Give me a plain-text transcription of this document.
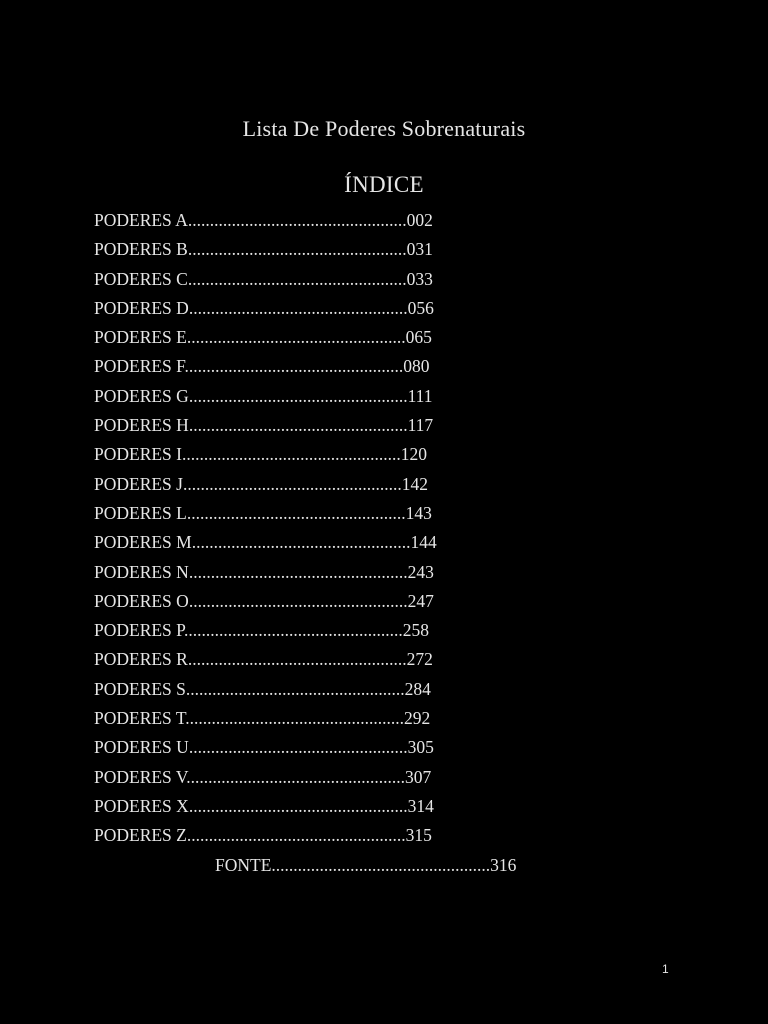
Lista De Poderes Sobrenaturais
ÍNDICE
PODERES A..................................................002
PODERES B..................................................031
PODERES C..................................................033
PODERES D..................................................056
PODERES E..................................................065
PODERES F..................................................080
PODERES G..................................................111
PODERES H..................................................117
PODERES I..................................................120
PODERES J..................................................142
PODERES L..................................................143
PODERES M..................................................144
PODERES N..................................................243
PODERES O..................................................247
PODERES P..................................................258
PODERES R..................................................272
PODERES S..................................................284
PODERES T..................................................292
PODERES U..................................................305
PODERES V..................................................307
PODERES X..................................................314
PODERES Z..................................................315
FONTE..................................................316
1
